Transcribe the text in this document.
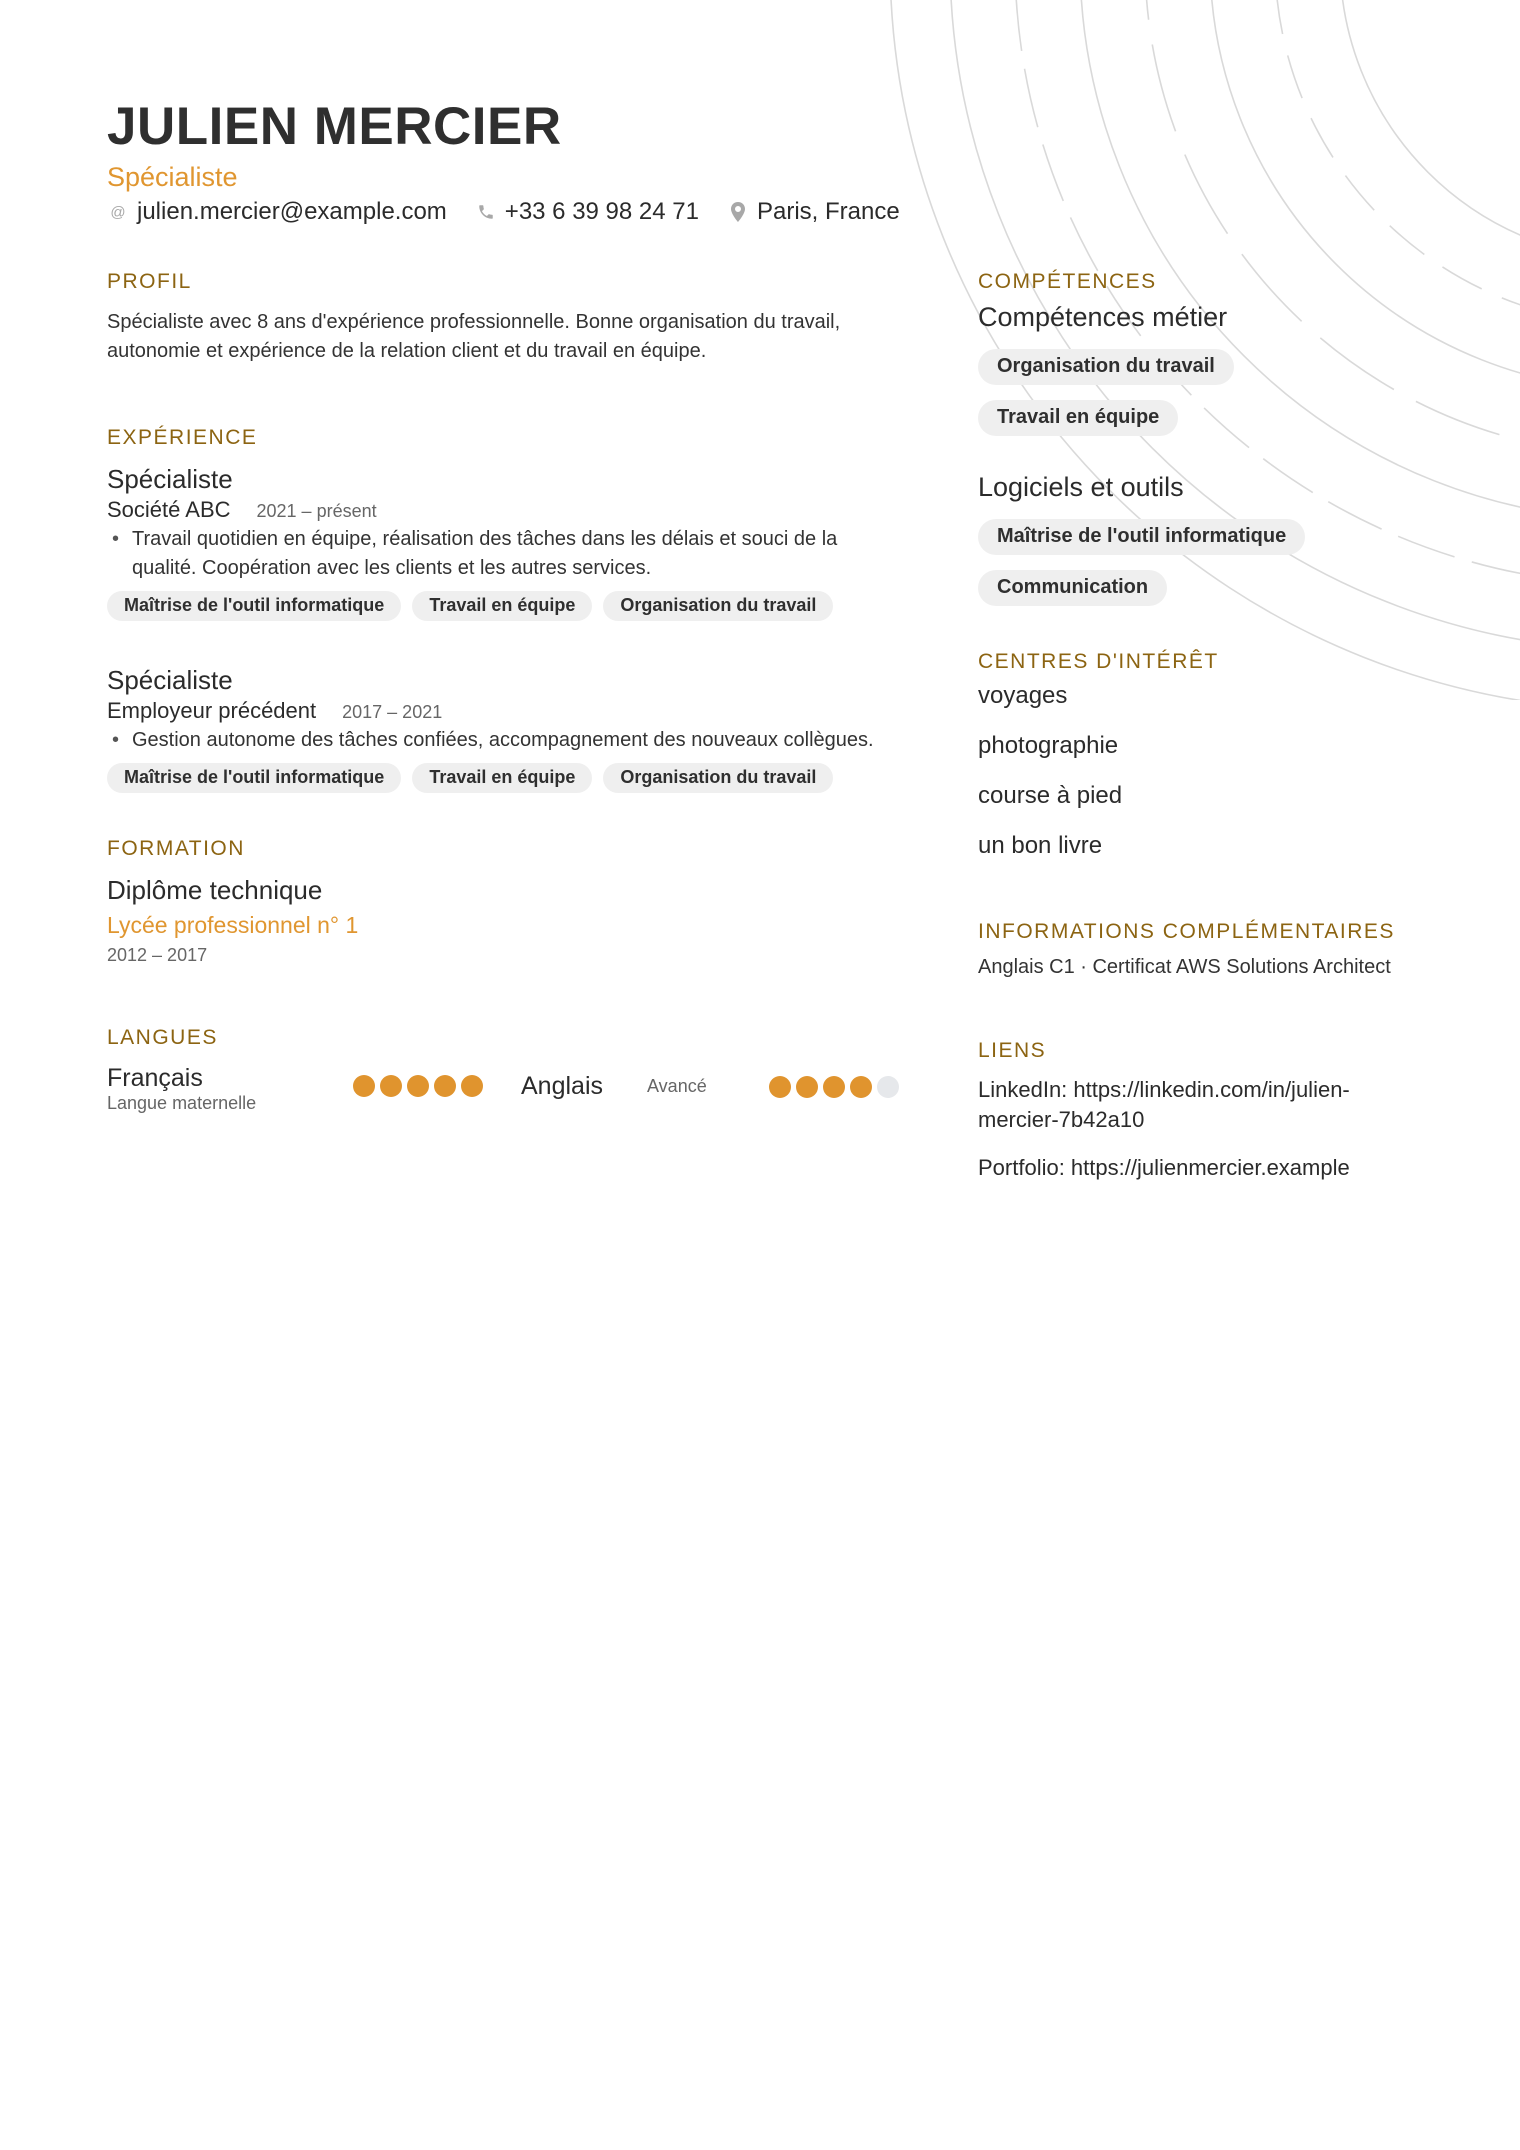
JULIEN MERCIER
Spécialiste
@ julien.mercier@example.com +33 6 39 98 24 71 Paris, France
PROFIL

Spécialiste avec 8 ans d'expérience professionnelle. Bonne organisation du travail, autonomie et expérience de la relation client et du travail en équipe.

EXPÉRIENCE
Spécialiste
Société ABC 2021 – présent
• Travail quotidien en équipe, réalisation des tâches dans les délais et souci de la qualité. Coopération avec les clients et les autres services.
Maîtrise de l'outil informatique	Travail en équipe	Organisation du travail
Spécialiste
Employeur précédent 2017 – 2021
• Gestion autonome des tâches confiées, accompagnement des nouveaux collègues.
Maîtrise de l'outil informatique	Travail en équipe	Organisation du travail
FORMATION
Diplôme technique
Lycée professionnel n° 1
2012 – 2017
LANGUES
Français
Langue maternelle
Anglais	Avancé
COMPÉTENCES
Compétences métier
Organisation du travail
Travail en équipe
Logiciels et outils
Maîtrise de l'outil informatique
Communication
CENTRES D'INTÉRÊT
voyages
photographie
course à pied
un bon livre
INFORMATIONS COMPLÉMENTAIRES
Anglais C1 · Certificat AWS Solutions Architect
LIENS
LinkedIn: https://linkedin.com/in/julien-mercier-7b42a10
Portfolio: https://julienmercier.example
